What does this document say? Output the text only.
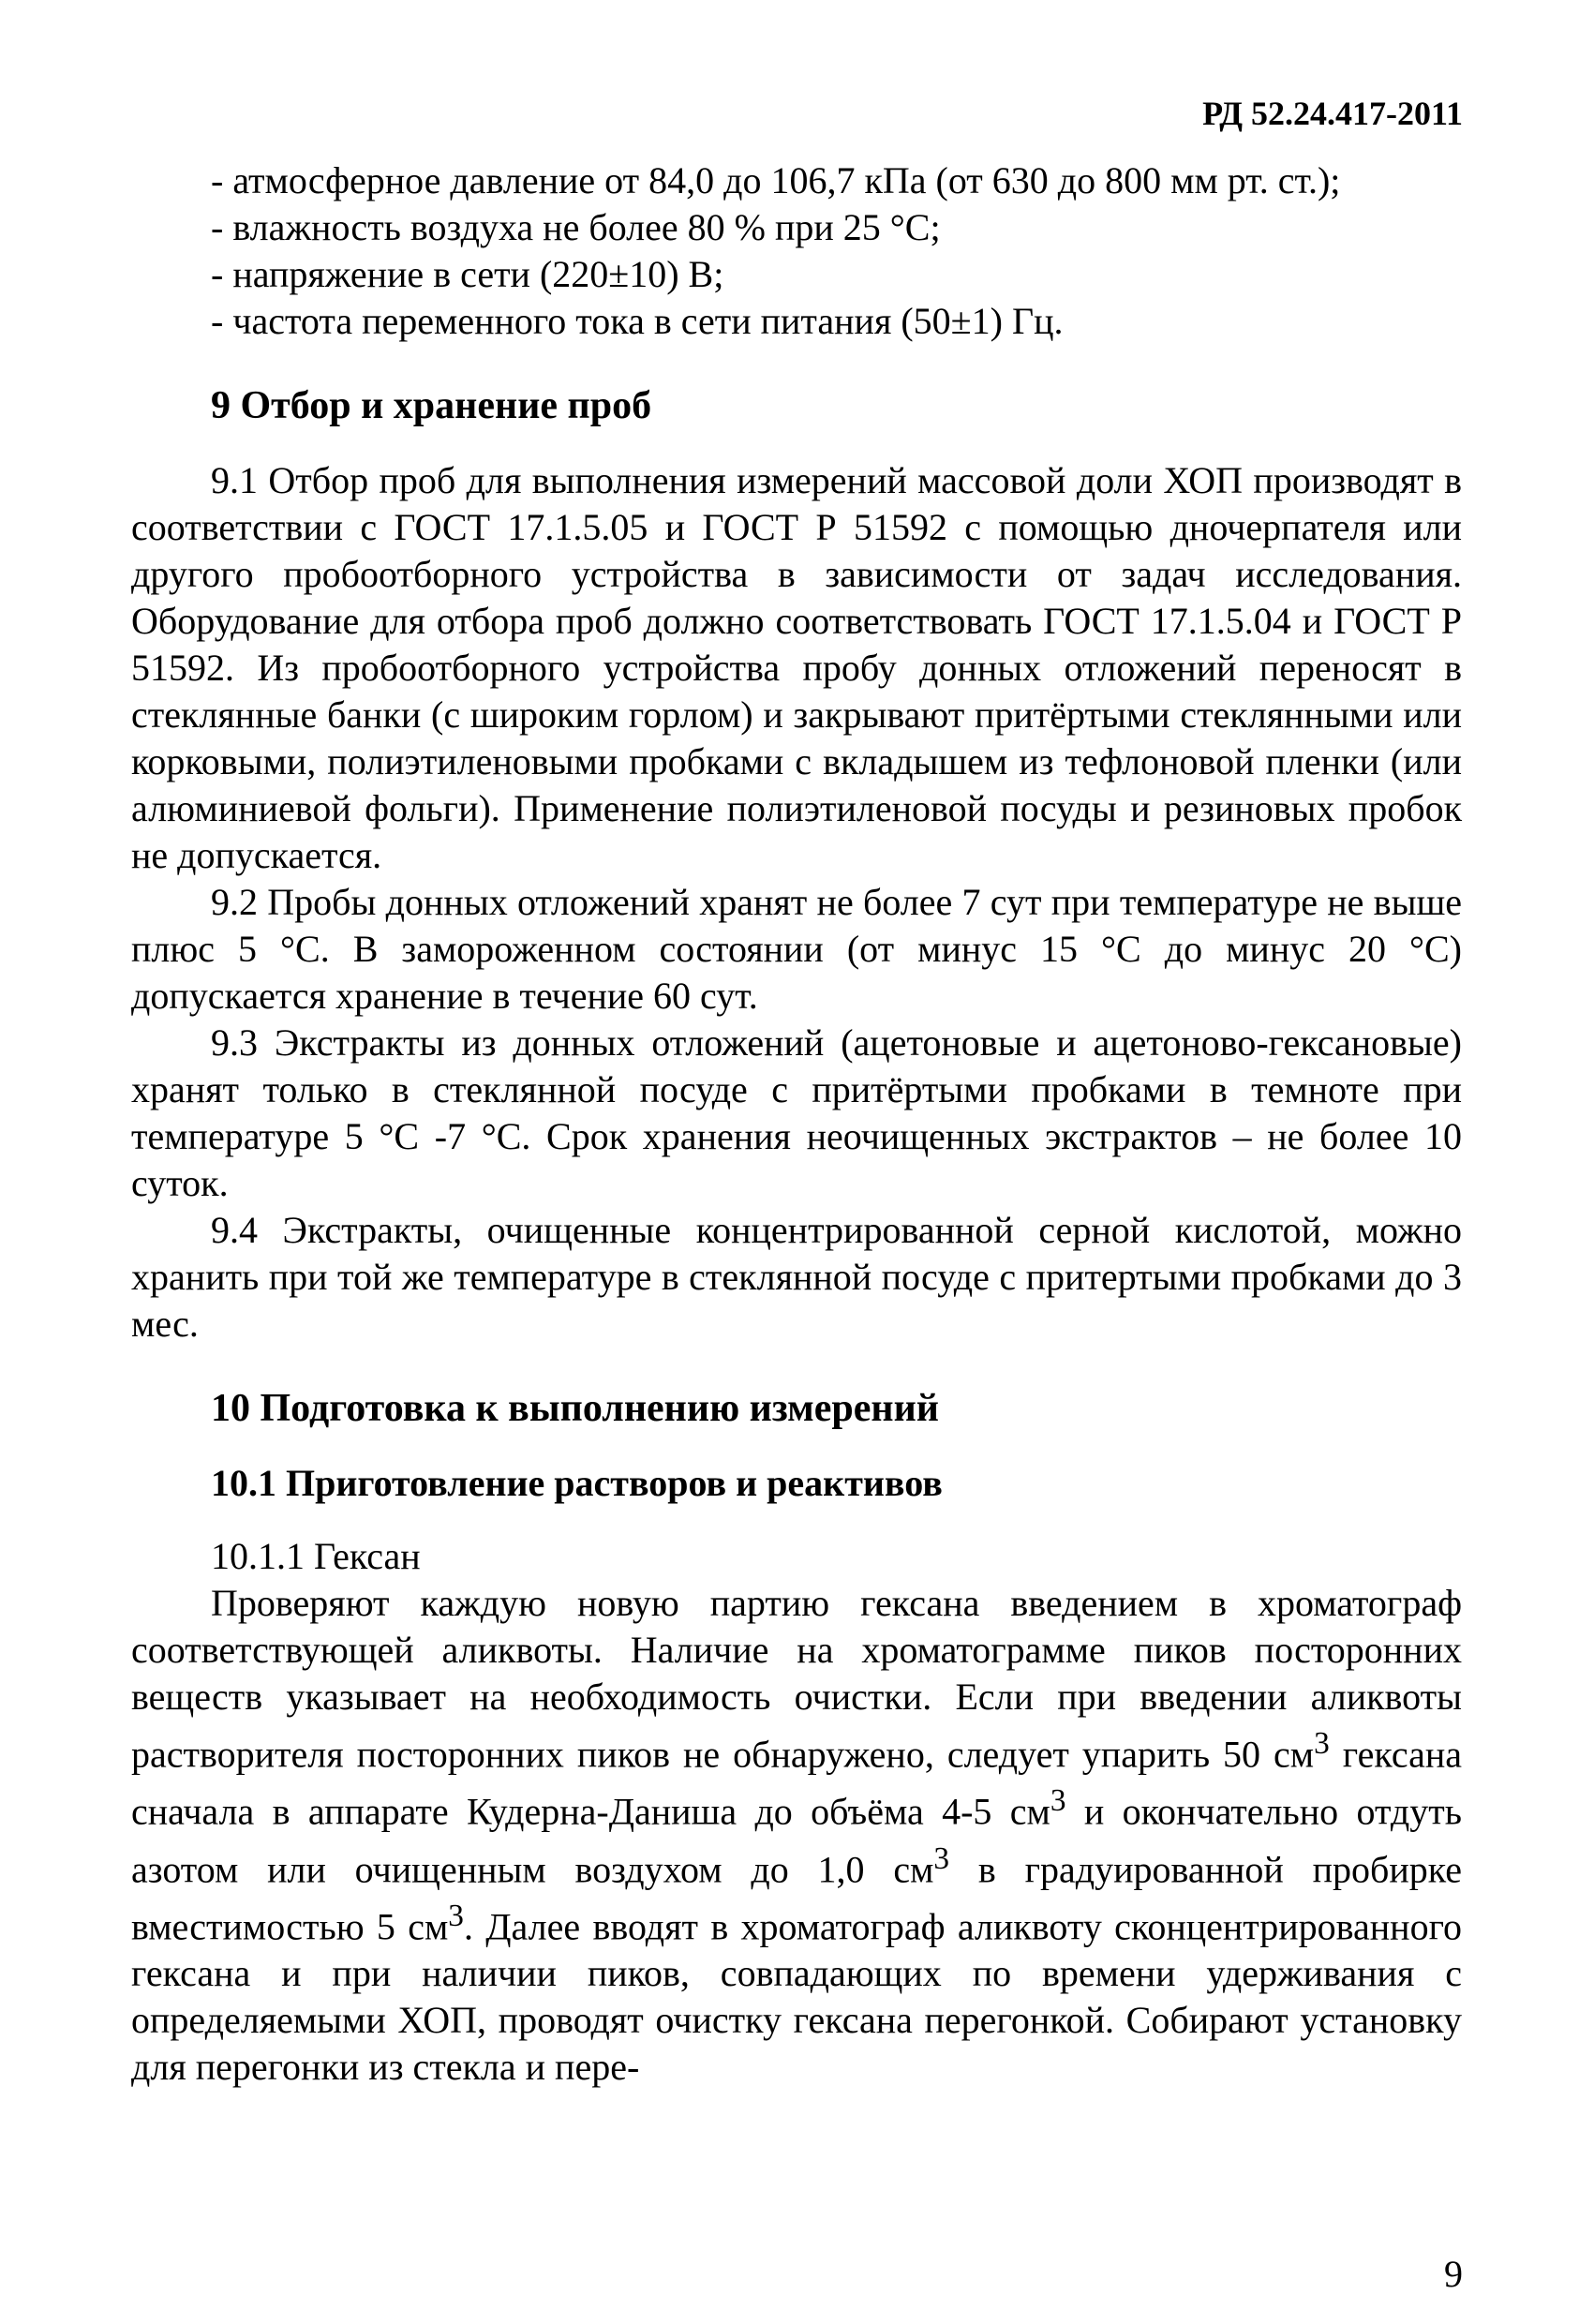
РД 52.24.417-2011

- атмосферное давление от 84,0 до 106,7 кПа (от 630 до 800 мм рт. ст.);

- влажность воздуха не более 80 % при 25 °С;

- напряжение в сети (220±10) В;

- частота переменного тока в сети питания (50±1) Гц.

9 Отбор и хранение проб

9.1 Отбор проб для выполнения измерений массовой доли ХОП производят в соответствии с ГОСТ 17.1.5.05 и ГОСТ Р 51592 с помощью дночерпателя или другого пробоотборного устройства в зависимости от задач исследования. Оборудование для отбора проб должно соответствовать ГОСТ 17.1.5.04 и ГОСТ Р 51592. Из пробоотборного устройства пробу донных отложений переносят в стеклянные банки (с широким горлом) и закрывают притёртыми стеклянными или корковыми, полиэтиленовыми пробками с вкладышем из тефлоновой пленки (или алюминиевой фольги). Применение полиэтиленовой посуды и резиновых пробок не допускается.

9.2 Пробы донных отложений хранят не более 7 сут при температуре не выше плюс 5 °С. В замороженном состоянии (от минус 15 °С до минус 20 °С) допускается хранение в течение 60 сут.

9.3 Экстракты из донных отложений (ацетоновые и ацетоново-гексановые) хранят только в стеклянной посуде с притёртыми пробками в темноте при температуре 5 °С -7 °С. Срок хранения неочищенных экстрактов – не более 10 суток.

9.4 Экстракты, очищенные концентрированной серной кислотой, можно хранить при той же температуре в стеклянной посуде с притертыми пробками до 3 мес.

10 Подготовка к выполнению измерений
10.1 Приготовление растворов и реактивов

10.1.1 Гексан

Проверяют каждую новую партию гексана введением в хроматограф соответствующей аликвоты. Наличие на хроматограмме пиков посторонних веществ указывает на необходимость очистки. Если при введении аликвоты растворителя посторонних пиков не обнаружено, следует упарить 50 $см^3$ гексана сначала в аппарате Кудерна-Даниша до объёма 4-5 $см^3$ и окончательно отдуть азотом или очищенным воздухом до 1,0 $см^3$ в градуированной пробирке вместимостью 5 $см^3$. Далее вводят в хроматограф аликвоту сконцентрированного гексана и при наличии пиков, совпадающих по времени удерживания с определяемыми ХОП, проводят очистку гексана перегонкой. Собирают установку для перегонки из стекла и пере-

9
